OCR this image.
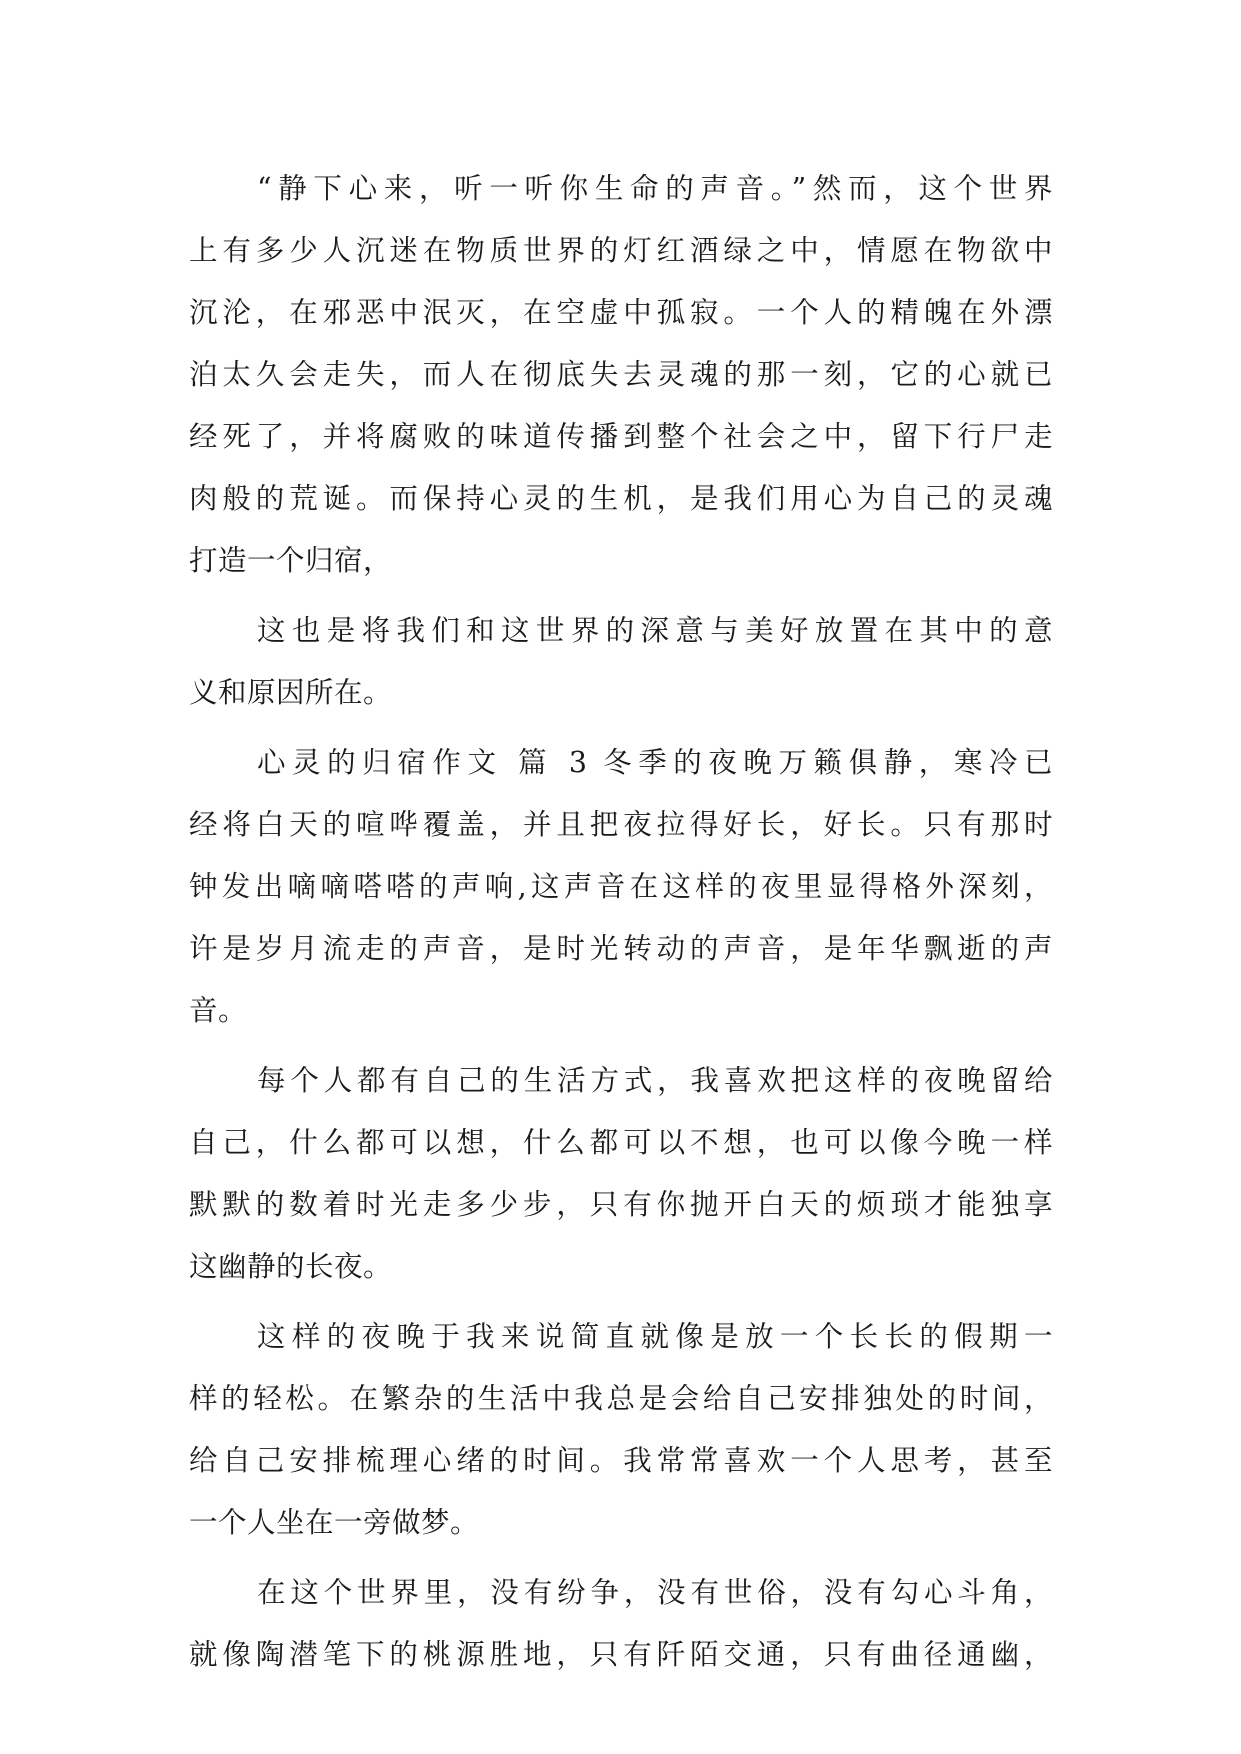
“静下心来，听一听你生命的声音。”然而，这个世界
上有多少人沉迷在物质世界的灯红酒绿之中，情愿在物欲中
沉沦，在邪恶中泯灭，在空虚中孤寂。一个人的精魄在外漂
泊太久会走失，而人在彻底失去灵魂的那一刻，它的心就已
经死了，并将腐败的味道传播到整个社会之中，留下行尸走
肉般的荒诞。而保持心灵的生机，是我们用心为自己的灵魂
打造一个归宿，
这也是将我们和这世界的深意与美好放置在其中的意
义和原因所在。
心灵的归宿作文 篇 3 冬季的夜晚万籁俱静，寒冷已
经将白天的喧哗覆盖，并且把夜拉得好长，好长。只有那时
钟发出嘀嘀嗒嗒的声响,这声音在这样的夜里显得格外深刻，
许是岁月流走的声音，是时光转动的声音，是年华飘逝的声
音。
每个人都有自己的生活方式，我喜欢把这样的夜晚留给
自己，什么都可以想，什么都可以不想，也可以像今晚一样
默默的数着时光走多少步，只有你抛开白天的烦琐才能独享
这幽静的长夜。
这样的夜晚于我来说简直就像是放一个长长的假期一
样的轻松。在繁杂的生活中我总是会给自己安排独处的时间，
给自己安排梳理心绪的时间。我常常喜欢一个人思考，甚至
一个人坐在一旁做梦。
在这个世界里，没有纷争，没有世俗，没有勾心斗角，
就像陶潜笔下的桃源胜地，只有阡陌交通，只有曲径通幽，
